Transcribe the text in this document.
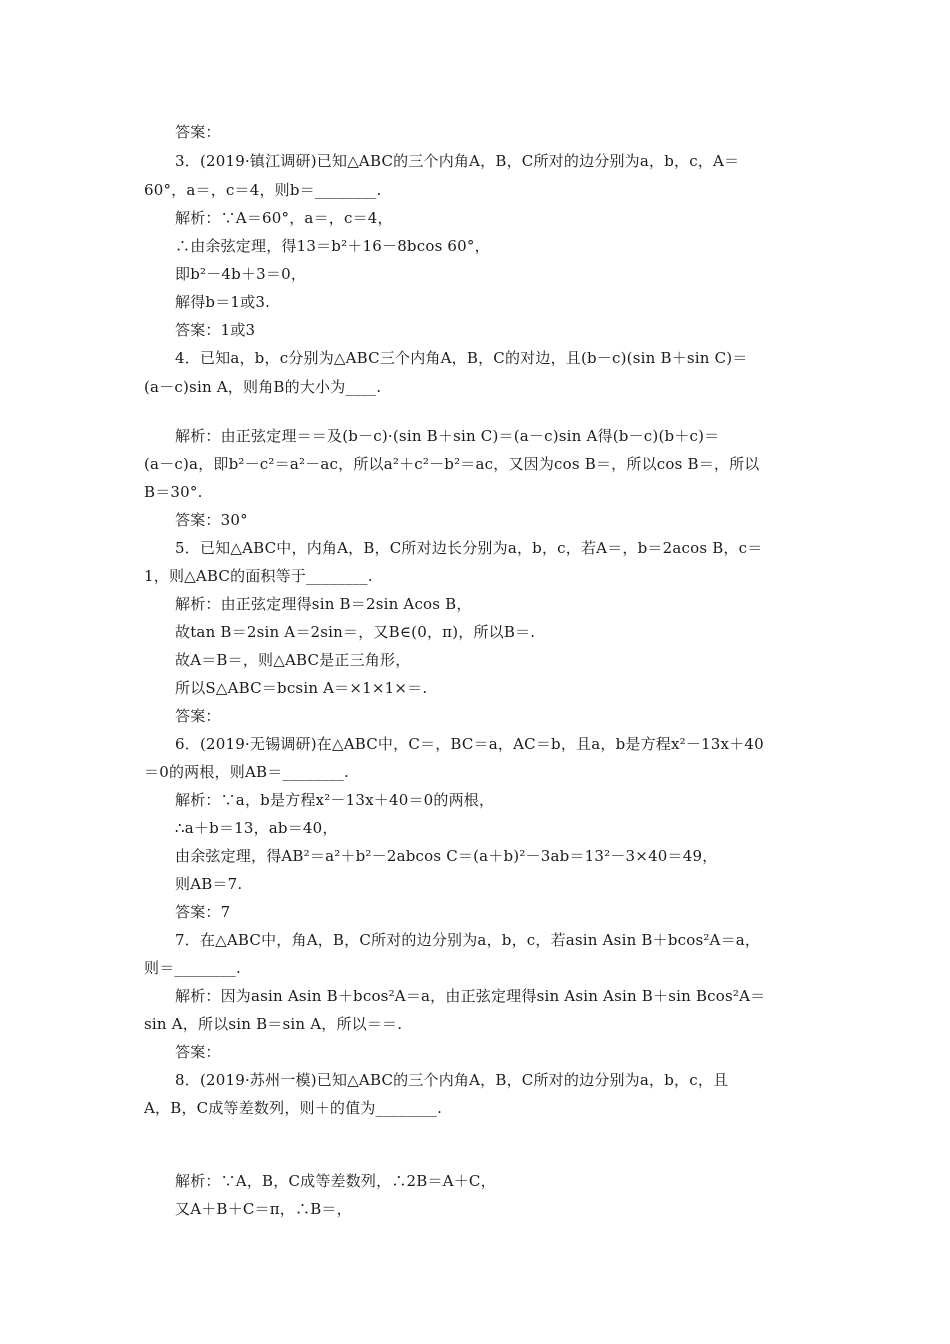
答案：

3．(2019·镇江调研)已知△ABC的三个内角A，B，C所对的边分别为a，b，c，A＝

60°，a＝，c＝4，则b＝________.

解析：∵A＝60°，a＝，c＝4，

∴由余弦定理，得13＝b²＋16－8bcos 60°，

即b²－4b＋3＝0，

解得b＝1或3.

答案：1或3

4．已知a，b，c分别为△ABC三个内角A，B，C的对边，且(b－c)(sin B＋sin C)＝

(a－c)sin A，则角B的大小为____.

解析：由正弦定理＝＝及(b－c)·(sin B＋sin C)＝(a－c)sin A得(b－c)(b＋c)＝

(a－c)a，即b²－c²＝a²－ac，所以a²＋c²－b²＝ac，又因为cos B＝，所以cos B＝，所以

B＝30°.

答案：30°

5．已知△ABC中，内角A，B，C所对边长分别为a，b，c，若A＝，b＝2acos B，c＝

1，则△ABC的面积等于________.

解析：由正弦定理得sin B＝2sin Acos B，

故tan B＝2sin A＝2sin＝，又B∈(0，π)，所以B＝.

故A＝B＝，则△ABC是正三角形，

所以S△ABC＝bcsin A＝×1×1×＝.

答案：

6．(2019·无锡调研)在△ABC中，C＝，BC＝a，AC＝b，且a，b是方程x²－13x＋40

＝0的两根，则AB＝________.

解析：∵a，b是方程x²－13x＋40＝0的两根，

∴a＋b＝13，ab＝40，

由余弦定理，得AB²＝a²＋b²－2abcos C＝(a＋b)²－3ab＝13²－3×40＝49，

则AB＝7.

答案：7

7．在△ABC中，角A，B，C所对的边分别为a，b，c，若asin Asin B＋bcos²A＝a，

则＝________.

解析：因为asin Asin B＋bcos²A＝a，由正弦定理得sin Asin Asin B＋sin Bcos²A＝

sin A，所以sin B＝sin A，所以＝＝.

答案：

8．(2019·苏州一模)已知△ABC的三个内角A，B，C所对的边分别为a，b，c，且

A，B，C成等差数列，则＋的值为________.

解析：∵A，B，C成等差数列，∴2B＝A＋C，

又A＋B＋C＝π，∴B＝，
